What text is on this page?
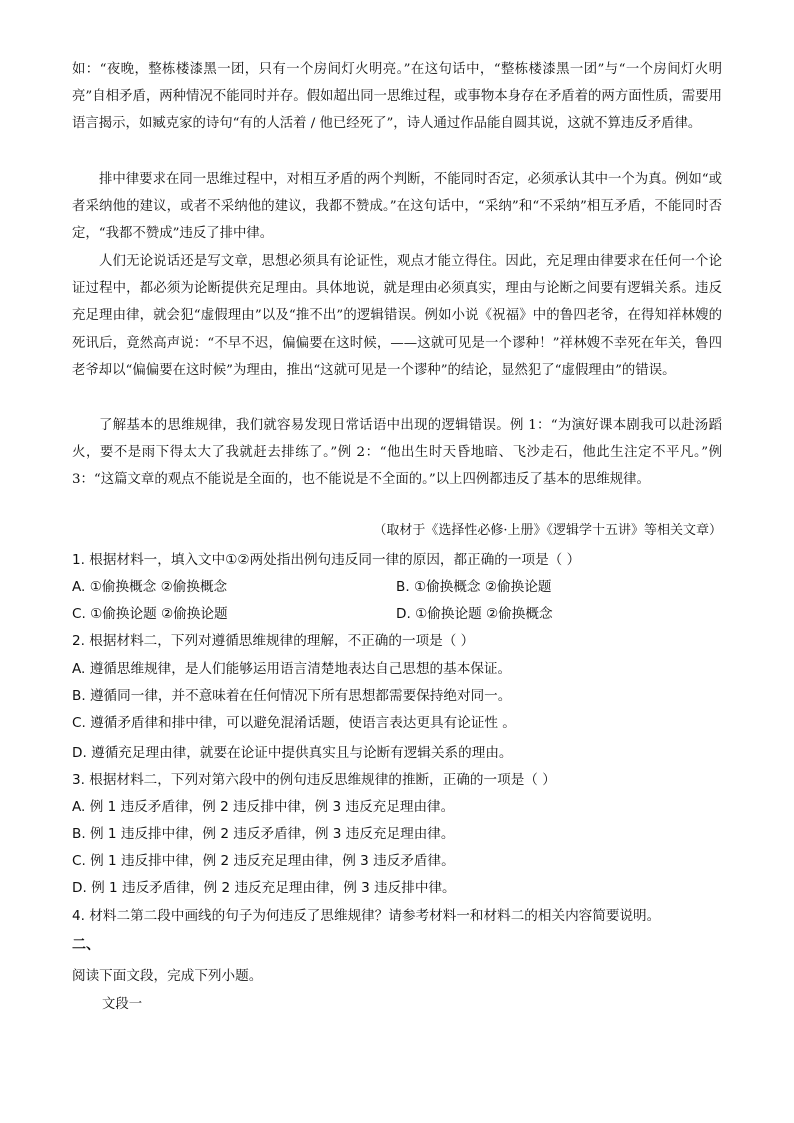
如：“夜晚，整栋楼漆黑一团，只有一个房间灯火明亮。”在这句话中，“整栋楼漆黑一团”与“一个房间灯火明亮”自相矛盾，两种情况不能同时并存。假如超出同一思维过程，或事物本身存在矛盾着的两方面性质，需要用语言揭示，如臧克家的诗句“有的人活着 / 他已经死了”，诗人通过作品能自圆其说，这就不算违反矛盾律。

排中律要求在同一思维过程中，对相互矛盾的两个判断，不能同时否定，必须承认其中一个为真。例如“或者采纳他的建议，或者不采纳他的建议，我都不赞成。”在这句话中，“采纳”和“不采纳”相互矛盾，不能同时否定，“我都不赞成”违反了排中律。

人们无论说话还是写文章，思想必须具有论证性，观点才能立得住。因此，充足理由律要求在任何一个论证过程中，都必须为论断提供充足理由。具体地说，就是理由必须真实，理由与论断之间要有逻辑关系。违反充足理由律，就会犯“虚假理由”以及“推不出”的逻辑错误。例如小说《祝福》中的鲁四老爷，在得知祥林嫂的死讯后，竟然高声说：“不早不迟，偏偏要在这时候，——这就可见是一个谬种！”祥林嫂不幸死在年关，鲁四老爷却以“偏偏要在这时候”为理由，推出“这就可见是一个谬种”的结论，显然犯了“虚假理由”的错误。

了解基本的思维规律，我们就容易发现日常话语中出现的逻辑错误。例 1：“为演好课本剧我可以赴汤蹈火，要不是雨下得太大了我就赶去排练了。”例 2：“他出生时天昏地暗、飞沙走石，他此生注定不平凡。”例 3：“这篇文章的观点不能说是全面的，也不能说是不全面的。”以上四例都违反了基本的思维规律。

（取材于《选择性必修·上册》《逻辑学十五讲》等相关文章）

1. 根据材料一，填入文中①②两处指出例句违反同一律的原因，都正确的一项是（ ）

A. ①偷换概念 ②偷换概念	B. ①偷换概念 ②偷换论题
C. ①偷换论题 ②偷换论题	D. ①偷换论题 ②偷换概念

2. 根据材料二，下列对遵循思维规律的理解，不正确的一项是（ ）

A. 遵循思维规律，是人们能够运用语言清楚地表达自己思想的基本保证。
B. 遵循同一律，并不意味着在任何情况下所有思想都需要保持绝对同一。
C. 遵循矛盾律和排中律，可以避免混淆话题，使语言表达更具有论证性 。
D. 遵循充足理由律，就要在论证中提供真实且与论断有逻辑关系的理由。

3. 根据材料二，下列对第六段中的例句违反思维规律的推断，正确的一项是（ ）

A. 例 1 违反矛盾律，例 2 违反排中律，例 3 违反充足理由律。
B. 例 1 违反排中律，例 2 违反矛盾律，例 3 违反充足理由律。
C. 例 1 违反排中律，例 2 违反充足理由律，例 3 违反矛盾律。
D. 例 1 违反矛盾律，例 2 违反充足理由律，例 3 违反排中律。

4. 材料二第二段中画线的句子为何违反了思维规律？请参考材料一和材料二的相关内容简要说明。

二、
阅读下面文段，完成下列小题。
文段一
